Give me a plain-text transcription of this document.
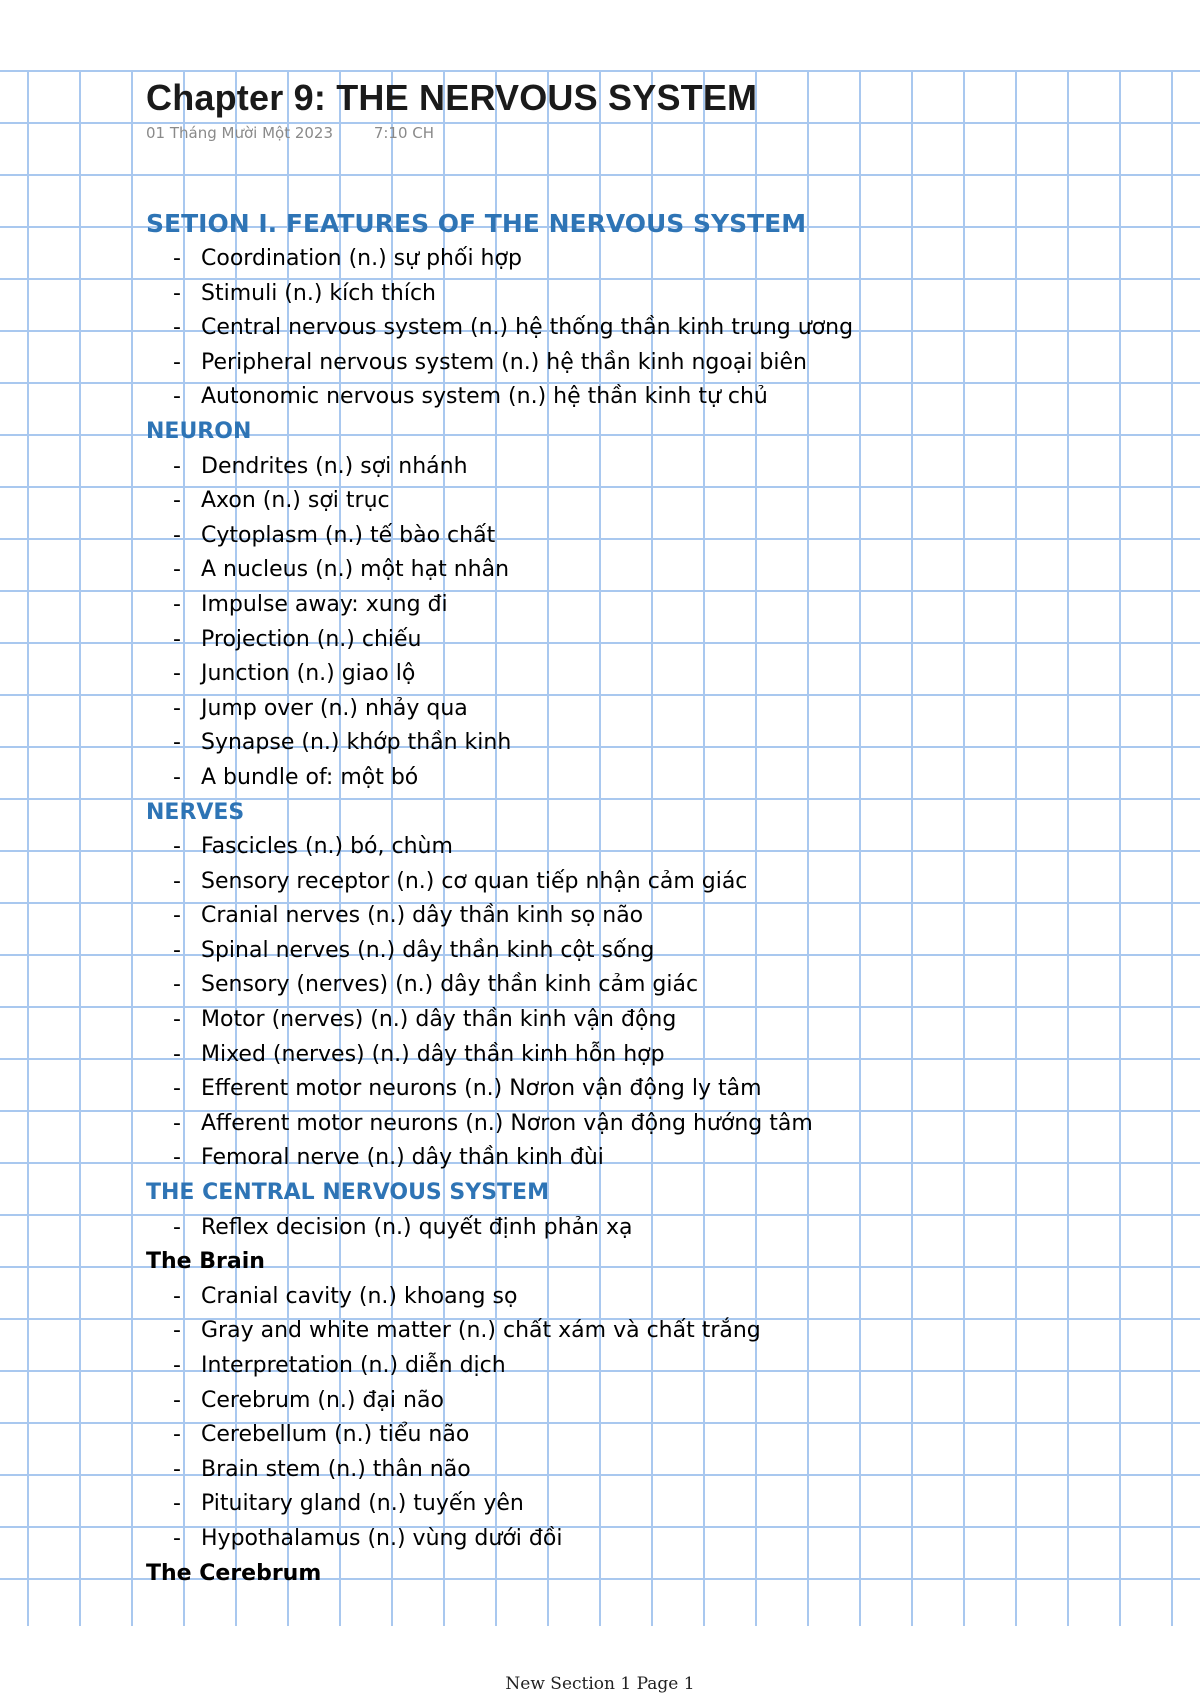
Chapter 9: THE NERVOUS SYSTEM
01 Tháng Mười Một 2023	7:10 CH
SETION I. FEATURES OF THE NERVOUS SYSTEM
- Coordination (n.) sự phối hợp
- Stimuli (n.) kích thích
- Central nervous system (n.) hệ thống thần kinh trung ương
- Peripheral nervous system (n.) hệ thần kinh ngoại biên
- Autonomic nervous system (n.) hệ thần kinh tự chủ
NEURON
- Dendrites (n.) sợi nhánh
- Axon (n.) sợi trục
- Cytoplasm (n.) tế bào chất
- A nucleus (n.) một hạt nhân
- Impulse away: xung đi
- Projection (n.) chiếu
- Junction (n.) giao lộ
- Jump over (n.) nhảy qua
- Synapse (n.) khớp thần kinh
- A bundle of: một bó
NERVES
- Fascicles (n.) bó, chùm
- Sensory receptor (n.) cơ quan tiếp nhận cảm giác
- Cranial nerves (n.) dây thần kinh sọ não
- Spinal nerves (n.) dây thần kinh cột sống
- Sensory (nerves) (n.) dây thần kinh cảm giác
- Motor (nerves) (n.) dây thần kinh vận động
- Mixed (nerves) (n.) dây thần kinh hỗn hợp
- Efferent motor neurons (n.) Nơron vận động ly tâm
- Afferent motor neurons (n.) Nơron vận động hướng tâm
- Femoral nerve (n.) dây thần kinh đùi
THE CENTRAL NERVOUS SYSTEM
- Reflex decision (n.) quyết định phản xạ
The Brain
- Cranial cavity (n.) khoang sọ
- Gray and white matter (n.) chất xám và chất trắng
- Interpretation (n.) diễn dịch
- Cerebrum (n.) đại não
- Cerebellum (n.) tiểu não
- Brain stem (n.) thân não
- Pituitary gland (n.) tuyến yên
- Hypothalamus (n.) vùng dưới đồi
The Cerebrum
New Section 1 Page 1
